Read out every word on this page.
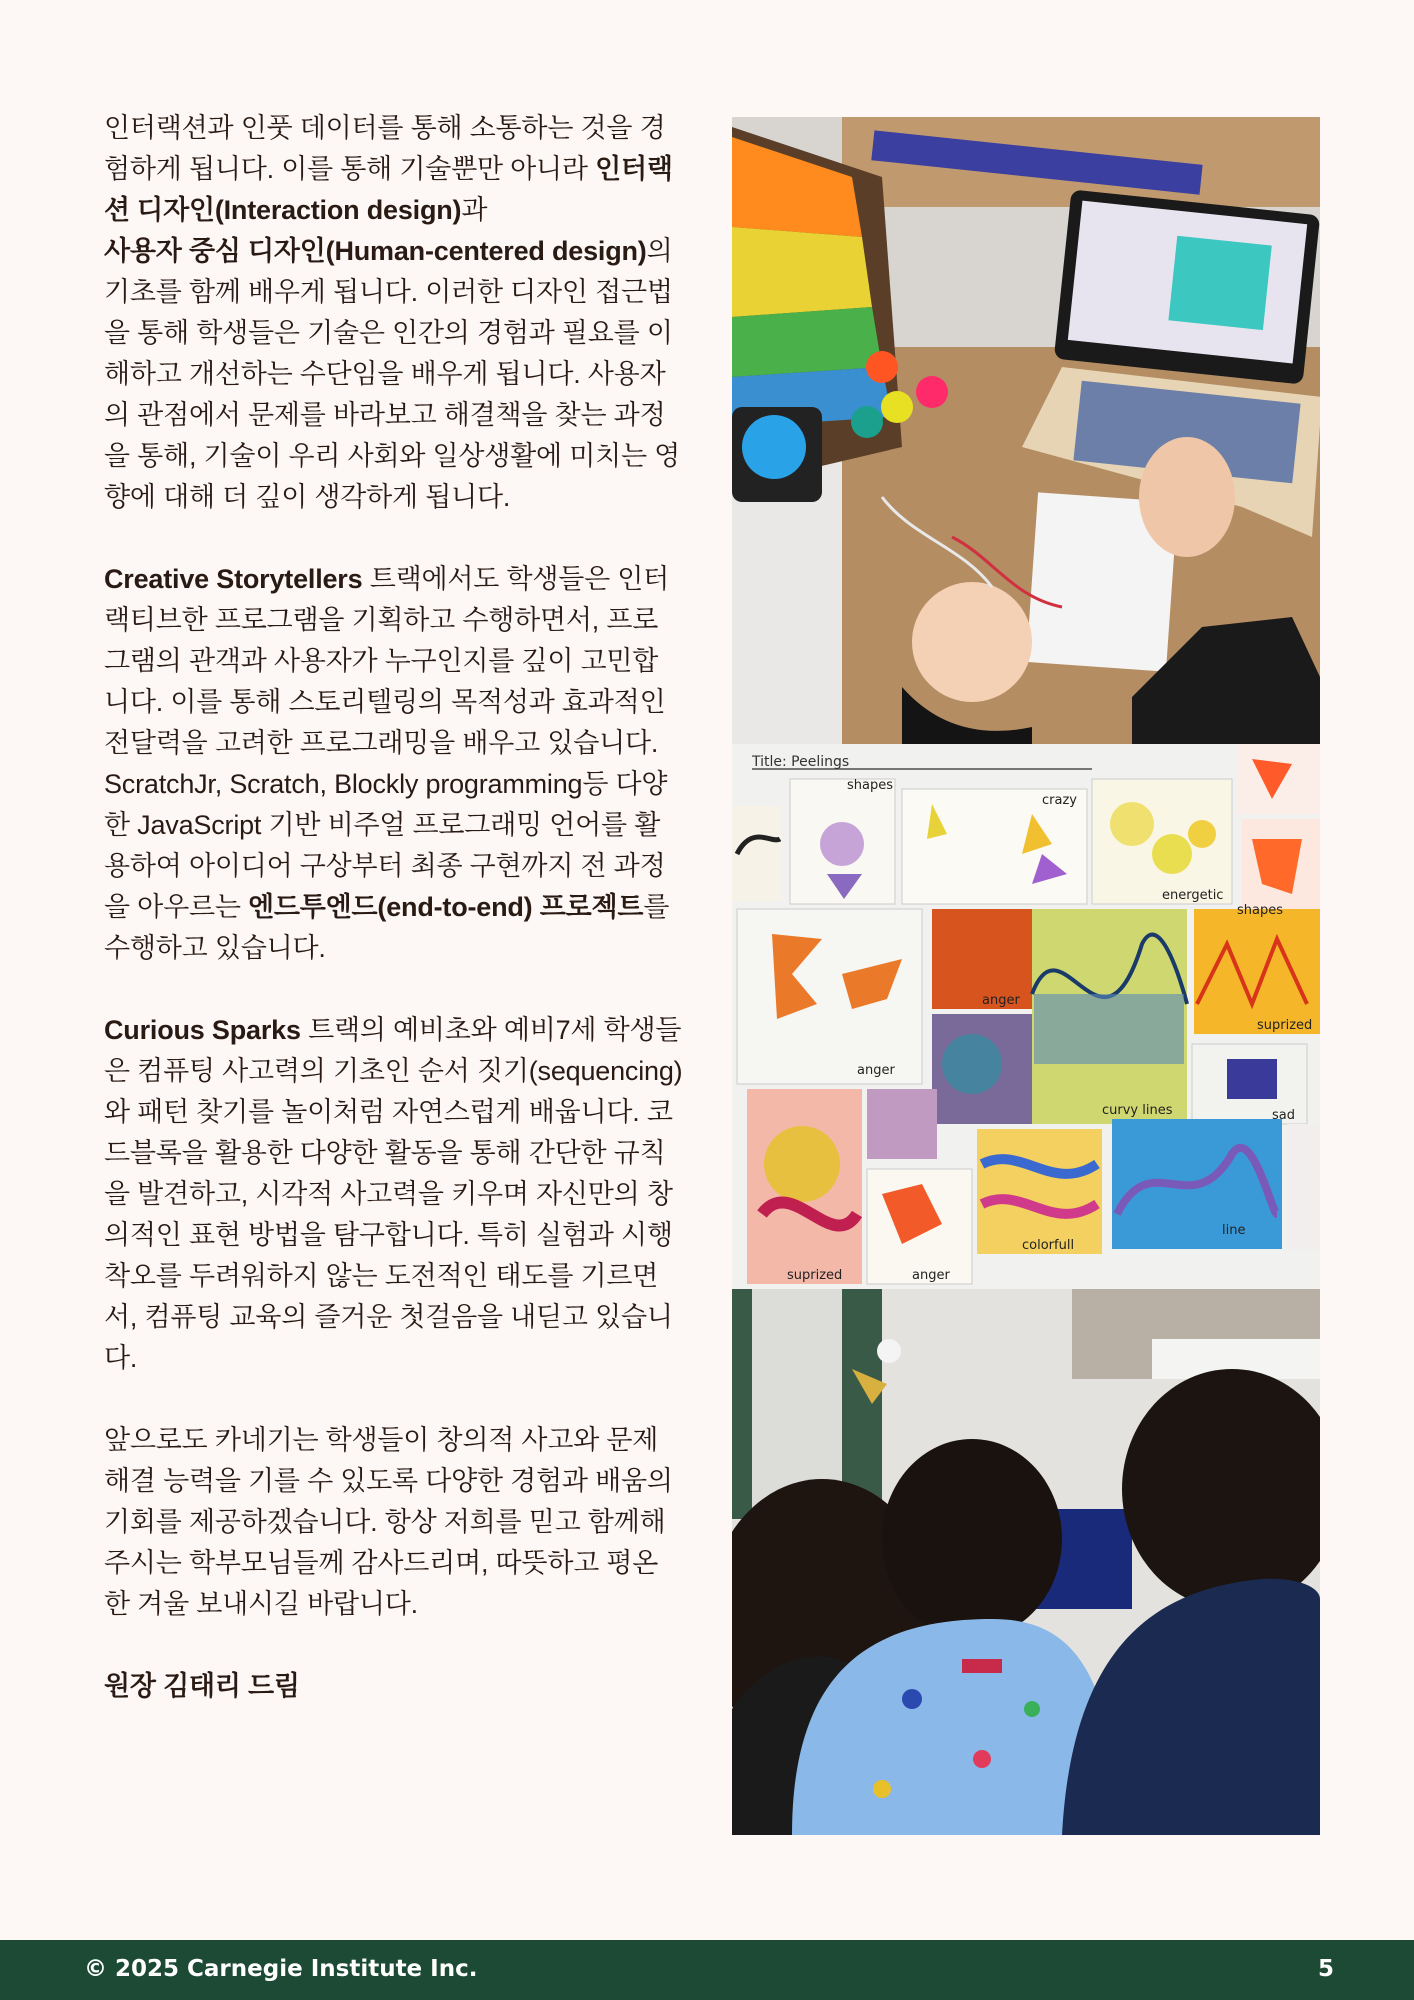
인터랙션과 인풋 데이터를 통해 소통하는 것을 경험하게 됩니다. 이를 통해 기술뿐만 아니라 인터랙션 디자인(Interaction design)과
사용자 중심 디자인(Human-centered design)의 기초를 함께 배우게 됩니다. 이러한 디자인 접근법을 통해 학생들은 기술은 인간의 경험과 필요를 이해하고 개선하는 수단임을 배우게 됩니다. 사용자의 관점에서 문제를 바라보고 해결책을 찾는 과정을 통해, 기술이 우리 사회와 일상생활에 미치는 영향에 대해 더 깊이 생각하게 됩니다.

Creative Storytellers 트랙에서도 학생들은 인터랙티브한 프로그램을 기획하고 수행하면서, 프로그램의 관객과 사용자가 누구인지를 깊이 고민합니다. 이를 통해 스토리텔링의 목적성과 효과적인 전달력을 고려한 프로그래밍을 배우고 있습니다. ScratchJr, Scratch, Blockly programming등 다양한 JavaScript 기반 비주얼 프로그래밍 언어를 활용하여 아이디어 구상부터 최종 구현까지 전 과정을 아우르는 엔드투엔드(end-to-end) 프로젝트를 수행하고 있습니다.

Curious Sparks 트랙의 예비초와 예비7세 학생들은 컴퓨팅 사고력의 기초인 순서 짓기(sequencing)와 패턴 찾기를 놀이처럼 자연스럽게 배웁니다. 코드블록을 활용한 다양한 활동을 통해 간단한 규칙을 발견하고, 시각적 사고력을 키우며 자신만의 창의적인 표현 방법을 탐구합니다. 특히 실험과 시행착오를 두려워하지 않는 도전적인 태도를 기르면서, 컴퓨팅 교육의 즐거운 첫걸음을 내딛고 있습니다.

앞으로도 카네기는 학생들이 창의적 사고와 문제 해결 능력을 기를 수 있도록 다양한 경험과 배움의 기회를 제공하겠습니다. 항상 저희를 믿고 함께해 주시는 학부모님들께 감사드리며, 따뜻하고 평온한 겨울 보내시길 바랍니다.

원장 김태리 드림

Title: Peelings
shapes
crazy
energetic
shapes
anger
anger
suprized
curvy lines	sad
colorfull
line
suprized	anger
© 2025 Carnegie Institute Inc.	5
